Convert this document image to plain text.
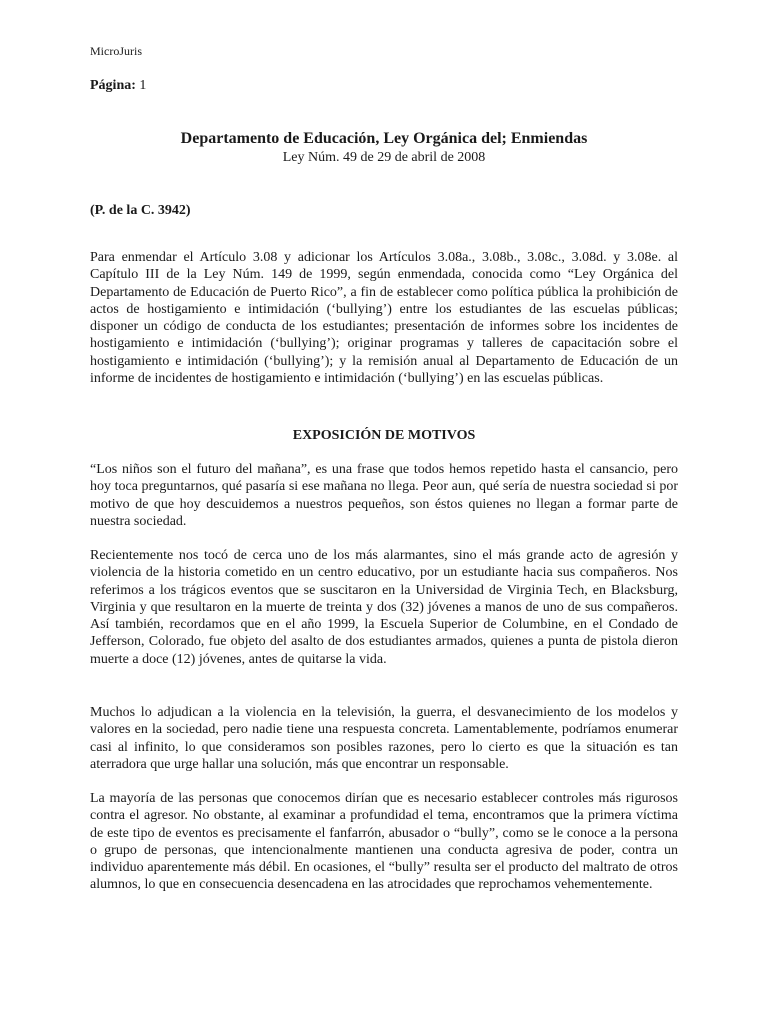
MicroJuris
Página: 1
Departamento de Educación, Ley Orgánica del; Enmiendas
Ley Núm. 49 de 29 de abril de 2008
(P. de la C. 3942)

Para enmendar el Artículo 3.08 y adicionar los Artículos 3.08a., 3.08b., 3.08c., 3.08d. y 3.08e. al Capítulo III de la Ley Núm. 149 de 1999, según enmendada, conocida como “Ley Orgánica del Departamento de Educación de Puerto Rico”, a fin de establecer como política pública la prohibición de actos de hostigamiento e intimidación (‘bullying’) entre los estudiantes de las escuelas públicas; disponer un código de conducta de los estudiantes; presentación de informes sobre los incidentes de hostigamiento e intimidación (‘bullying’); originar programas y talleres de capacitación sobre el hostigamiento e intimidación (‘bullying’); y la remisión anual al Departamento de Educación de un informe de incidentes de hostigamiento e intimidación (‘bullying’) en las escuelas públicas.

EXPOSICIÓN DE MOTIVOS

“Los niños son el futuro del mañana”, es una frase que todos hemos repetido hasta el cansancio, pero hoy toca preguntarnos, qué pasaría si ese mañana no llega. Peor aun, qué sería de nuestra sociedad si por motivo de que hoy descuidemos a nuestros pequeños, son éstos quienes no llegan a formar parte de nuestra sociedad.

Recientemente nos tocó de cerca uno de los más alarmantes, sino el más grande acto de agresión y violencia de la historia cometido en un centro educativo, por un estudiante hacia sus compañeros. Nos referimos a los trágicos eventos que se suscitaron en la Universidad de Virginia Tech, en Blacksburg, Virginia y que resultaron en la muerte de treinta y dos (32) jóvenes a manos de uno de sus compañeros. Así también, recordamos que en el año 1999, la Escuela Superior de Columbine, en el Condado de Jefferson, Colorado, fue objeto del asalto de dos estudiantes armados, quienes a punta de pistola dieron muerte a doce (12) jóvenes, antes de quitarse la vida.

Muchos lo adjudican a la violencia en la televisión, la guerra, el desvanecimiento de los modelos y valores en la sociedad, pero nadie tiene una respuesta concreta. Lamentablemente, podríamos enumerar casi al infinito, lo que consideramos son posibles razones, pero lo cierto es que la situación es tan aterradora que urge hallar una solución, más que encontrar un responsable.

La mayoría de las personas que conocemos dirían que es necesario establecer controles más rigurosos contra el agresor. No obstante, al examinar a profundidad el tema, encontramos que la primera víctima de este tipo de eventos es precisamente el fanfarrón, abusador o “bully”, como se le conoce a la persona o grupo de personas, que intencionalmente mantienen una conducta agresiva de poder, contra un individuo aparentemente más débil. En ocasiones, el “bully” resulta ser el producto del maltrato de otros alumnos, lo que en consecuencia desencadena en las atrocidades que reprochamos vehementemente.
